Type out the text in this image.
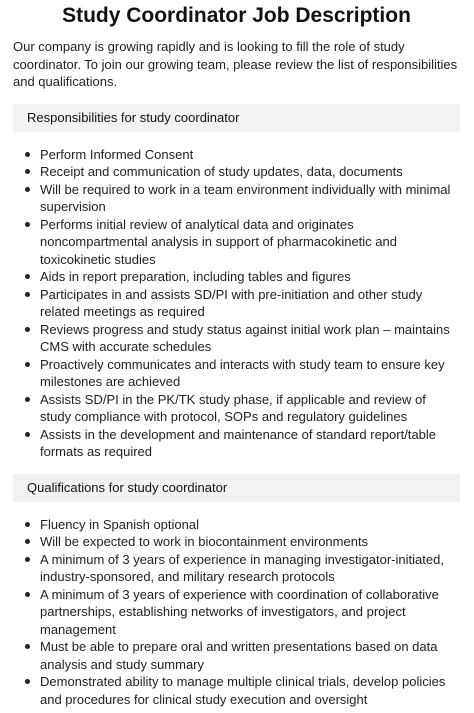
Study Coordinator Job Description

Our company is growing rapidly and is looking to fill the role of study coordinator. To join our growing team, please review the list of responsibilities and qualifications.

Responsibilities for study coordinator
Perform Informed Consent
Receipt and communication of study updates, data, documents
Will be required to work in a team environment individually with minimal supervision
Performs initial review of analytical data and originates noncompartmental analysis in support of pharmacokinetic and toxicokinetic studies
Aids in report preparation, including tables and figures
Participates in and assists SD/PI with pre-initiation and other study related meetings as required
Reviews progress and study status against initial work plan – maintains CMS with accurate schedules
Proactively communicates and interacts with study team to ensure key milestones are achieved
Assists SD/PI in the PK/TK study phase, if applicable and review of study compliance with protocol, SOPs and regulatory guidelines
Assists in the development and maintenance of standard report/table formats as required
Qualifications for study coordinator
Fluency in Spanish optional
Will be expected to work in biocontainment environments
A minimum of 3 years of experience in managing investigator-initiated, industry-sponsored, and military research protocols
A minimum of 3 years of experience with coordination of collaborative partnerships, establishing networks of investigators, and project management
Must be able to prepare oral and written presentations based on data analysis and study summary
Demonstrated ability to manage multiple clinical trials, develop policies and procedures for clinical study execution and oversight
